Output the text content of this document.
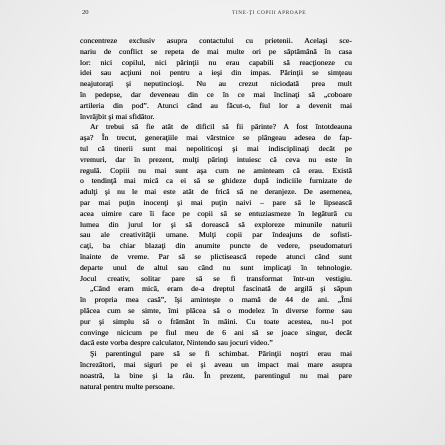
20	TINE-ŢI COPIII APROAPE
concentreze exclusiv asupra contactului cu prietenii. Acelaşi sce-
nariu de conflict se repeta de mai multe ori pe săptămână în casa
lor: nici copilul, nici părinţii nu erau capabili să reacţioneze cu
idei sau acţiuni noi pentru a ieşi din impas. Părinţii se simţeau
neajutoraţi şi neputincioşi. Nu au crezut niciodată prea mult
în pedepse, dar deveneau din ce în ce mai înclinaţi să „coboare
artileria din pod”. Atunci când au făcut-o, fiul lor a devenit mai
învrăjbit şi mai sfidător.
Ar trebui să fie atât de dificil să fii părinte? A fost întotdeauna
aşa? În trecut, generaţiile mai vârstnice se plângeau adesea de fap-
tul că tinerii sunt mai nepoliticoşi şi mai indisciplinaţi decât pe
vremuri, dar în prezent, mulţi părinţi intuiesc că ceva nu este în
regulă. Copiii nu mai sunt aşa cum ne aminteam că erau. Există
o tendinţă mai mică ca ei să se ghideze după indiciile furnizate de
adulţi şi nu le mai este atât de frică să ne deranjeze. De asemenea,
par mai puţin inocenţi şi mai puţin naivi – pare să le lipsească
acea uimire care îi face pe copii să se entuziasmeze în legătură cu
lumea din jurul lor şi să dorească să exploreze minunile naturii
sau ale creativităţii umane. Mulţi copii par îndeajuns de sofisti-
caţi, ba chiar blazaţi din anumite puncte de vedere, pseudomaturi
înainte de vreme. Par să se plictisească repede atunci când sunt
departe unul de altul sau când nu sunt implicaţi în tehnologie.
Jocul creativ, solitar pare să se fi transformat într-un vestigiu.
„Când eram mică, eram de-a dreptul fascinată de argilă şi săpun
în propria mea casă”, îşi aminteşte o mamă de 44 de ani. „Îmi
plăcea cum se simte, îmi plăcea să o modelez în diverse forme sau
pur şi simplu să o frământ în mâini. Cu toate acestea, nu-l pot
convinge nicicum pe fiul meu de 6 ani să se joace singur, decât
dacă este vorba despre calculator, Nintendo sau jocuri video.”
Şi parentingul pare să se fi schimbat. Părinţii noştri erau mai
încrezători, mai siguri pe ei şi aveau un impact mai mare asupra
noastră, la bine şi la rău. În prezent, parentingul nu mai pare
natural pentru multe persoane.
